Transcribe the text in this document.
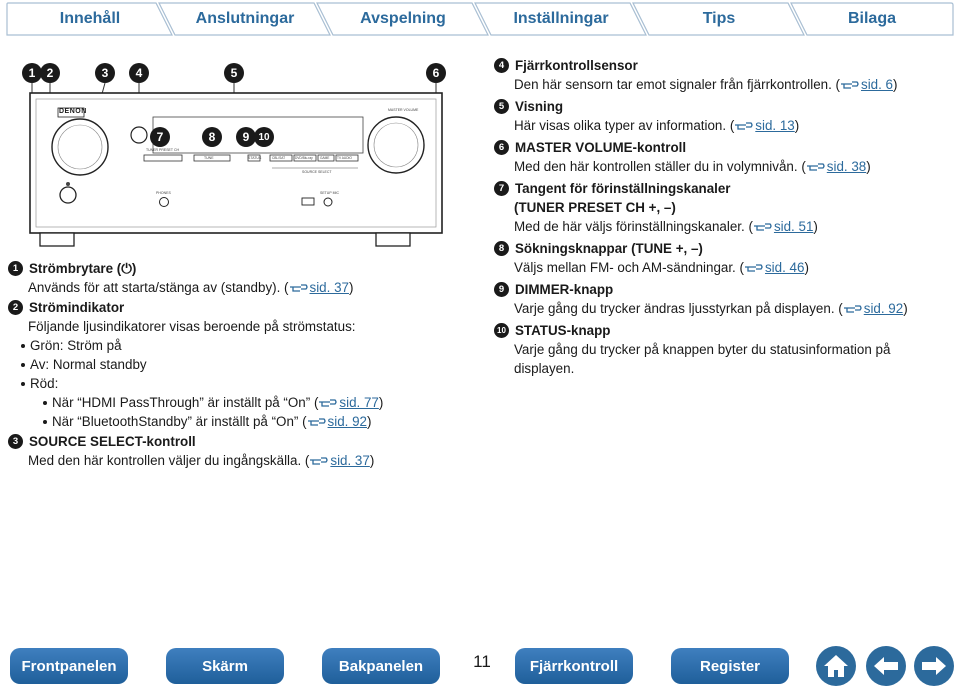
Innehåll	Anslutningar	Avspelning	Inställningar	Tips	Bilaga
DENON
TUNER PRESET CH
TUNE	STATUS	CBL/SAT	DVD/Blu-ray GAME TV AUDIO
SOURCE SELECT
MASTER VOLUME
PHONES	SETUP MIC
1 2	3	4	5	6
7	8	9 10
1 Strömbrytare (⏻)
Används för att starta/stänga av (standby). ( sid. 37)
2 Strömindikator
Följande ljusindikatorer visas beroende på strömstatus:
Grön: Ström på
Av: Normal standby
Röd:
När “HDMI PassThrough” är inställt på “On” ( sid. 77)
När “BluetoothStandby” är inställt på “On” ( sid. 92)
3 SOURCE SELECT-kontroll
Med den här kontrollen väljer du ingångskälla. ( sid. 37)
4 Fjärrkontrollsensor
Den här sensorn tar emot signaler från fjärrkontrollen. ( sid. 6)
5 Visning
Här visas olika typer av information. ( sid. 13)
6 MASTER VOLUME-kontroll
Med den här kontrollen ställer du in volymnivån. ( sid. 38)
7 Tangent för förinställningskanaler
(TUNER PRESET CH +, –)
Med de här väljs förinställningskanaler. ( sid. 51)
8 Sökningsknappar (TUNE +, –)
Väljs mellan FM- och AM-sändningar. ( sid. 46)
9 DIMMER-knapp
Varje gång du trycker ändras ljusstyrkan på displayen. ( sid. 92)
10 STATUS-knapp
Varje gång du trycker på knappen byter du statusinformation på displayen.
Frontpanelen	Skärm	Bakpanelen	11	Fjärrkontroll	Register
